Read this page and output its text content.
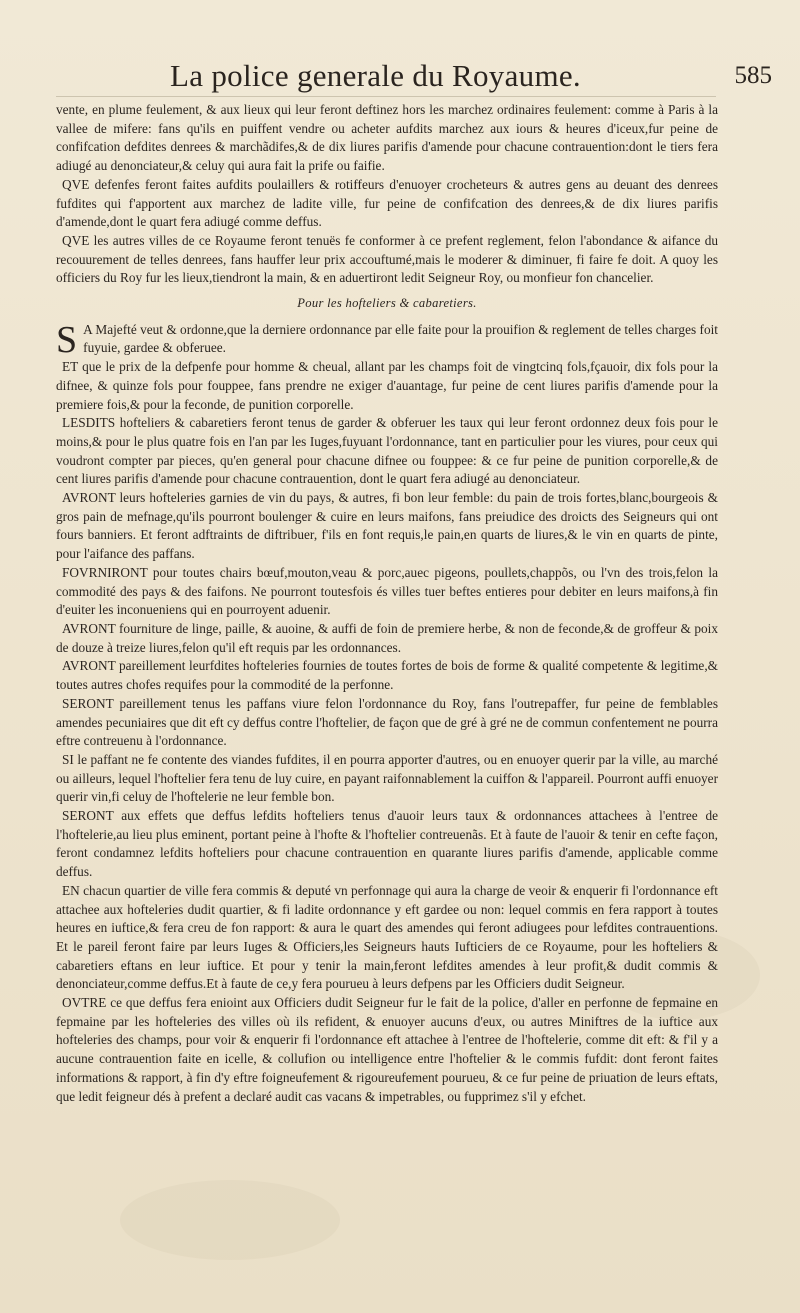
La police generale du Royaume.	585

vente, en plume feulement, & aux lieux qui leur feront deftinez hors les marchez ordinaires feulement: comme à Paris à la vallee de mifere: fans qu'ils en puiffent vendre ou acheter aufdits marchez aux iours & heures d'iceux,fur peine de confifcation defdites denrees & marchãdifes,& de dix liures parifis d'amende pour chacune contrauention:dont le tiers fera adiugé au denonciateur,& celuy qui aura fait la prife ou faifie.

QVE defenfes feront faites aufdits poulaillers & rotiffeurs d'enuoyer crocheteurs & autres gens au deuant des denrees fufdites qui f'apportent aux marchez de ladite ville, fur peine de confifcation des denrees,& de dix liures parifis d'amende,dont le quart fera adiugé comme deffus.

QVE les autres villes de ce Royaume feront tenuës fe conformer à ce prefent reglement, felon l'abondance & aifance du recouurement de telles denrees, fans hauffer leur prix accouftumé,mais le moderer & diminuer, fi faire fe doit. A quoy les officiers du Roy fur les lieux,tiendront la main, & en aduertiront ledit Seigneur Roy, ou monfieur fon chancelier.

Pour les hofteliers & cabaretiers.

S A Majefté veut & ordonne,que la derniere ordonnance par elle faite pour la prouifion & reglement de telles charges foit fuyuie, gardee & obferuee.

ET que le prix de la defpenfe pour homme & cheual, allant par les champs foit de vingtcinq fols,fçauoir, dix fols pour la difnee, & quinze fols pour fouppee, fans prendre ne exiger d'auantage, fur peine de cent liures parifis d'amende pour la premiere fois,& pour la feconde, de punition corporelle.

LESDITS hofteliers & cabaretiers feront tenus de garder & obferuer les taux qui leur feront ordonnez deux fois pour le moins,& pour le plus quatre fois en l'an par les Iuges,fuyuant l'ordonnance, tant en particulier pour les viures, pour ceux qui voudront compter par pieces, qu'en general pour chacune difnee ou fouppee: & ce fur peine de punition corporelle,& de cent liures parifis d'amende pour chacune contrauention, dont le quart fera adiugé au denonciateur.

AVRONT leurs hofteleries garnies de vin du pays, & autres, fi bon leur femble: du pain de trois fortes,blanc,bourgeois & gros pain de mefnage,qu'ils pourront boulenger & cuire en leurs maifons, fans preiudice des droicts des Seigneurs qui ont fours banniers. Et feront adftraints de diftribuer, f'ils en font requis,le pain,en quarts de liures,& le vin en quarts de pinte, pour l'aifance des paffans.

FOVRNIRONT pour toutes chairs bœuf,mouton,veau & porc,auec pigeons, poullets,chappõs, ou l'vn des trois,felon la commodité des pays & des faifons. Ne pourront toutesfois és villes tuer beftes entieres pour debiter en leurs maifons,à fin d'euiter les inconueniens qui en pourroyent aduenir.

AVRONT fourniture de linge, paille, & auoine, & auffi de foin de premiere herbe, & non de feconde,& de groffeur & poix de douze à treize liures,felon qu'il eft requis par les ordonnances.

AVRONT pareillement leurfdites hofteleries fournies de toutes fortes de bois de forme & qualité competente & legitime,& toutes autres chofes requifes pour la commodité de la perfonne.

SERONT pareillement tenus les paffans viure felon l'ordonnance du Roy, fans l'outrepaffer, fur peine de femblables amendes pecuniaires que dit eft cy deffus contre l'hoftelier, de façon que de gré à gré ne de commun confentement ne pourra eftre contreuenu à l'ordonnance.

SI le paffant ne fe contente des viandes fufdites, il en pourra apporter d'autres, ou en enuoyer querir par la ville, au marché ou ailleurs, lequel l'hoftelier fera tenu de luy cuire, en payant raifonnablement la cuiffon & l'appareil. Pourront auffi enuoyer querir vin,fi celuy de l'hoftelerie ne leur femble bon.

SERONT aux effets que deffus lefdits hofteliers tenus d'auoir leurs taux & ordonnances attachees à l'entree de l'hoftelerie,au lieu plus eminent, portant peine à l'hofte & l'hoftelier contreuenãs. Et à faute de l'auoir & tenir en cefte façon, feront condamnez lefdits hofteliers pour chacune contrauention en quarante liures parifis d'amende, applicable comme deffus.

EN chacun quartier de ville fera commis & deputé vn perfonnage qui aura la charge de veoir & enquerir fi l'ordonnance eft attachee aux hofteleries dudit quartier, & fi ladite ordonnance y eft gardee ou non: lequel commis en fera rapport à toutes heures en iuftice,& fera creu de fon rapport: & aura le quart des amendes qui feront adiugees pour lefdites contrauentions. Et le pareil feront faire par leurs Iuges & Officiers,les Seigneurs hauts Iufticiers de ce Royaume, pour les hofteliers & cabaretiers eftans en leur iuftice. Et pour y tenir la main,feront lefdites amendes à leur profit,& dudit commis & denonciateur,comme deffus.Et à faute de ce,y fera pourueu à leurs defpens par les Officiers dudit Seigneur.

OVTRE ce que deffus fera enioint aux Officiers dudit Seigneur fur le fait de la police, d'aller en perfonne de fepmaine en fepmaine par les hofteleries des villes où ils refident, & enuoyer aucuns d'eux, ou autres Miniftres de la iuftice aux hofteleries des champs, pour voir & enquerir fi l'ordonnance eft attachee à l'entree de l'hoftelerie, comme dit eft: & f'il y a aucune contrauention faite en icelle, & collufion ou intelligence entre l'hoftelier & le commis fufdit: dont feront faites informations & rapport, à fin d'y eftre foigneufement & rigoureufement pourueu, & ce fur peine de priuation de leurs eftats, que ledit feigneur dés à prefent a declaré audit cas vacans & impetrables, ou fupprimez s'il y efchet.
